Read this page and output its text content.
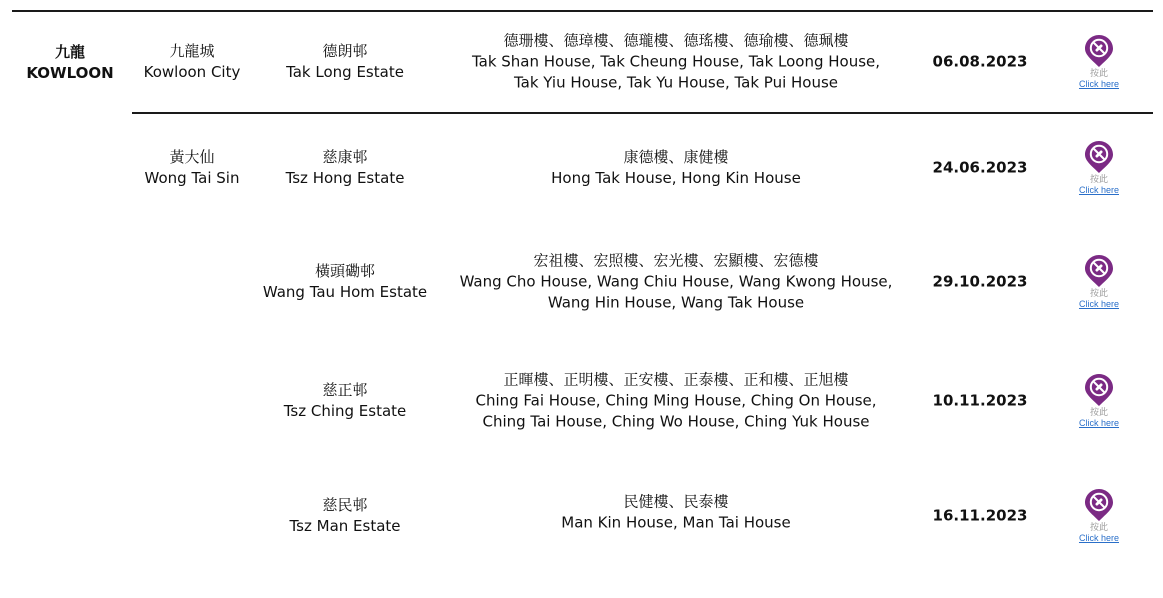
九龍
KOWLOON
九龍城
Kowloon City
德朗邨
Tak Long Estate
德珊樓、德璋樓、德瓏樓、德瑤樓、德瑜樓、德珮樓
Tak Shan House, Tak Cheung House, Tak Loong House,
Tak Yiu House, Tak Yu House, Tak Pui House
06.08.2023
按此
Click here
黃大仙
Wong Tai Sin
慈康邨
Tsz Hong Estate
康德樓、康健樓
Hong Tak House, Hong Kin House
24.06.2023
按此
Click here
橫頭磡邨
Wang Tau Hom Estate
宏祖樓、宏照樓、宏光樓、宏顯樓、宏德樓
Wang Cho House, Wang Chiu House, Wang Kwong House,
Wang Hin House, Wang Tak House
29.10.2023
按此
Click here
慈正邨
Tsz Ching Estate
正暉樓、正明樓、正安樓、正泰樓、正和樓、正旭樓
Ching Fai House, Ching Ming House, Ching On House,
Ching Tai House, Ching Wo House, Ching Yuk House
10.11.2023
按此
Click here
慈民邨
Tsz Man Estate
民健樓、民泰樓
Man Kin House, Man Tai House	16.11.2023
按此
Click here
